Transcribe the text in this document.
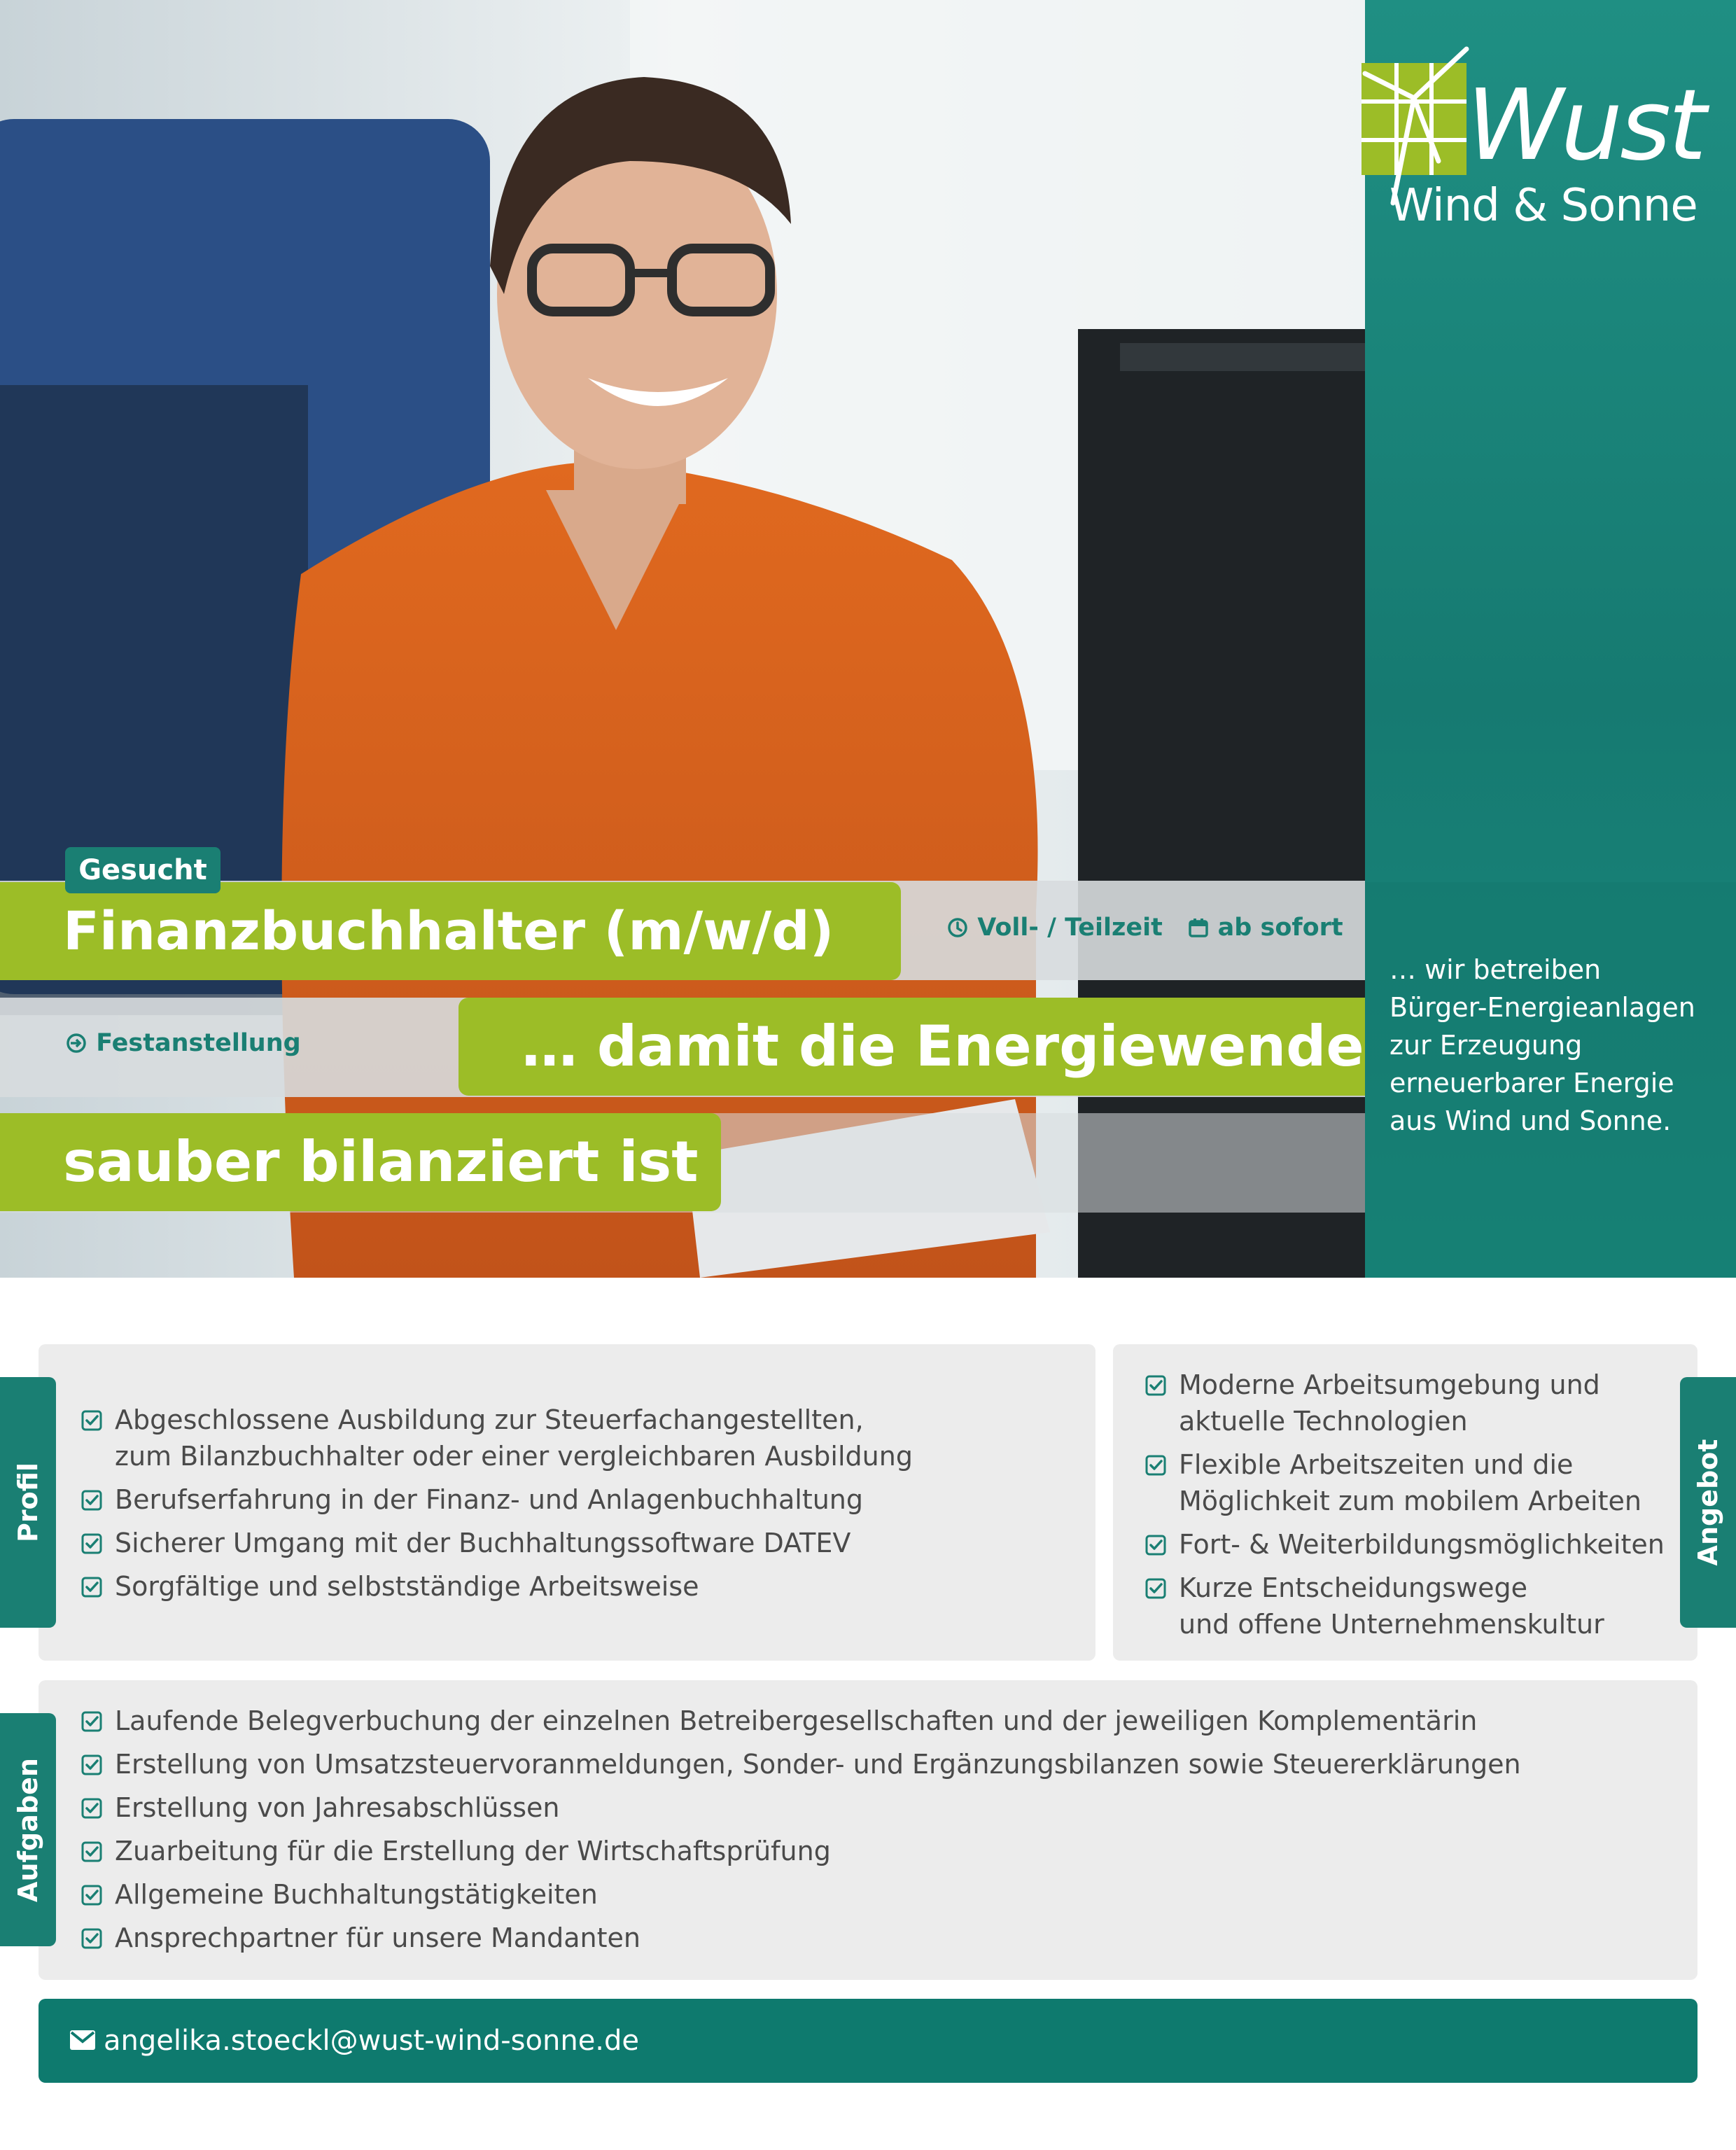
Wust
Wind & Sonne
Finanzbuchhalter (m/w/d)
Gesucht
Voll- / Teilzeit ab sofort
Festanstellung	… damit die Energiewende
sauber bilanziert ist
… wir betreiben
Bürger-Energieanlagen
zur Erzeugung
erneuerbarer Energie
aus Wind und Sonne.
Profil	Angebot
Aufgaben
Abgeschlossene Ausbildung zur Steuerfachangestellten,
zum Bilanzbuchhalter oder einer vergleichbaren Ausbildung
Berufserfahrung in der Finanz- und Anlagenbuchhaltung
Sicherer Umgang mit der Buchhaltungssoftware DATEV
Sorgfältige und selbstständige Arbeitsweise
Moderne Arbeitsumgebung und
aktuelle Technologien
Flexible Arbeitszeiten und die
Möglichkeit zum mobilem Arbeiten
Fort- & Weiterbildungsmöglichkeiten
Kurze Entscheidungswege
und offene Unternehmenskultur
Laufende Belegverbuchung der einzelnen Betreibergesellschaften und der jeweiligen Komplementärin
Erstellung von Umsatzsteuervoranmeldungen, Sonder- und Ergänzungsbilanzen sowie Steuererklärungen
Erstellung von Jahresabschlüssen
Zuarbeitung für die Erstellung der Wirtschaftsprüfung
Allgemeine Buchhaltungstätigkeiten
Ansprechpartner für unsere Mandanten
angelika.stoeckl@wust-wind-sonne.de
